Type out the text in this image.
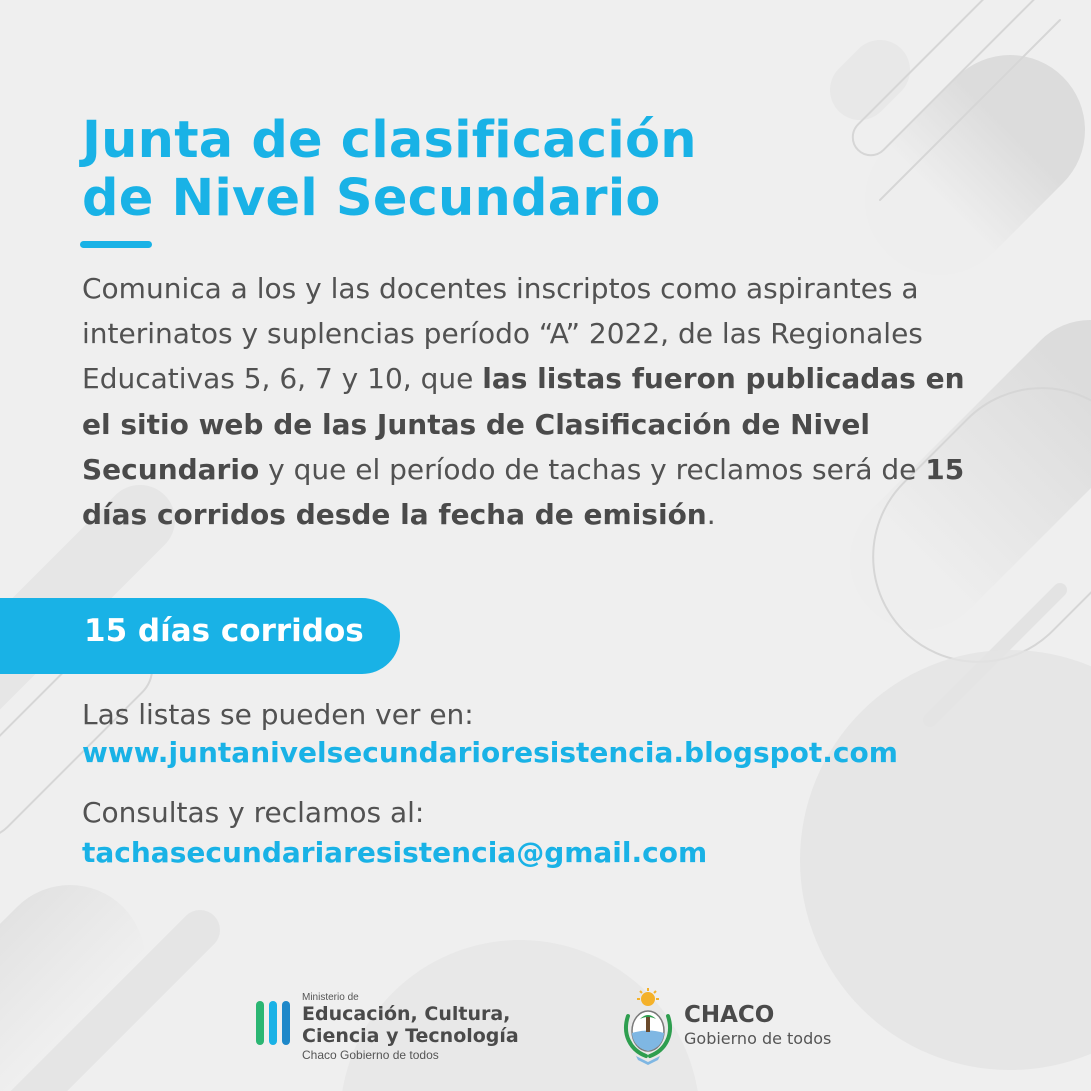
Junta de clasificación
de Nivel Secundario

Comunica a los y las docentes inscriptos como aspirantes a interinatos y suplencias período “A” 2022, de las Regionales Educativas 5, 6, 7 y 10, que las listas fueron publicadas en el sitio web de las Juntas de Clasificación de Nivel Secundario y que el período de tachas y reclamos será de 15 días corridos desde la fecha de emisión.

15 días corridos

Las listas se pueden ver en:

www.juntanivelsecundarioresistencia.blogspot.com

Consultas y reclamos al:

tachasecundariaresistencia@gmail.com
Ministerio de
Educación, Cultura,
Ciencia y Tecnología
Chaco Gobierno de todos
CHACO
Gobierno de todos
